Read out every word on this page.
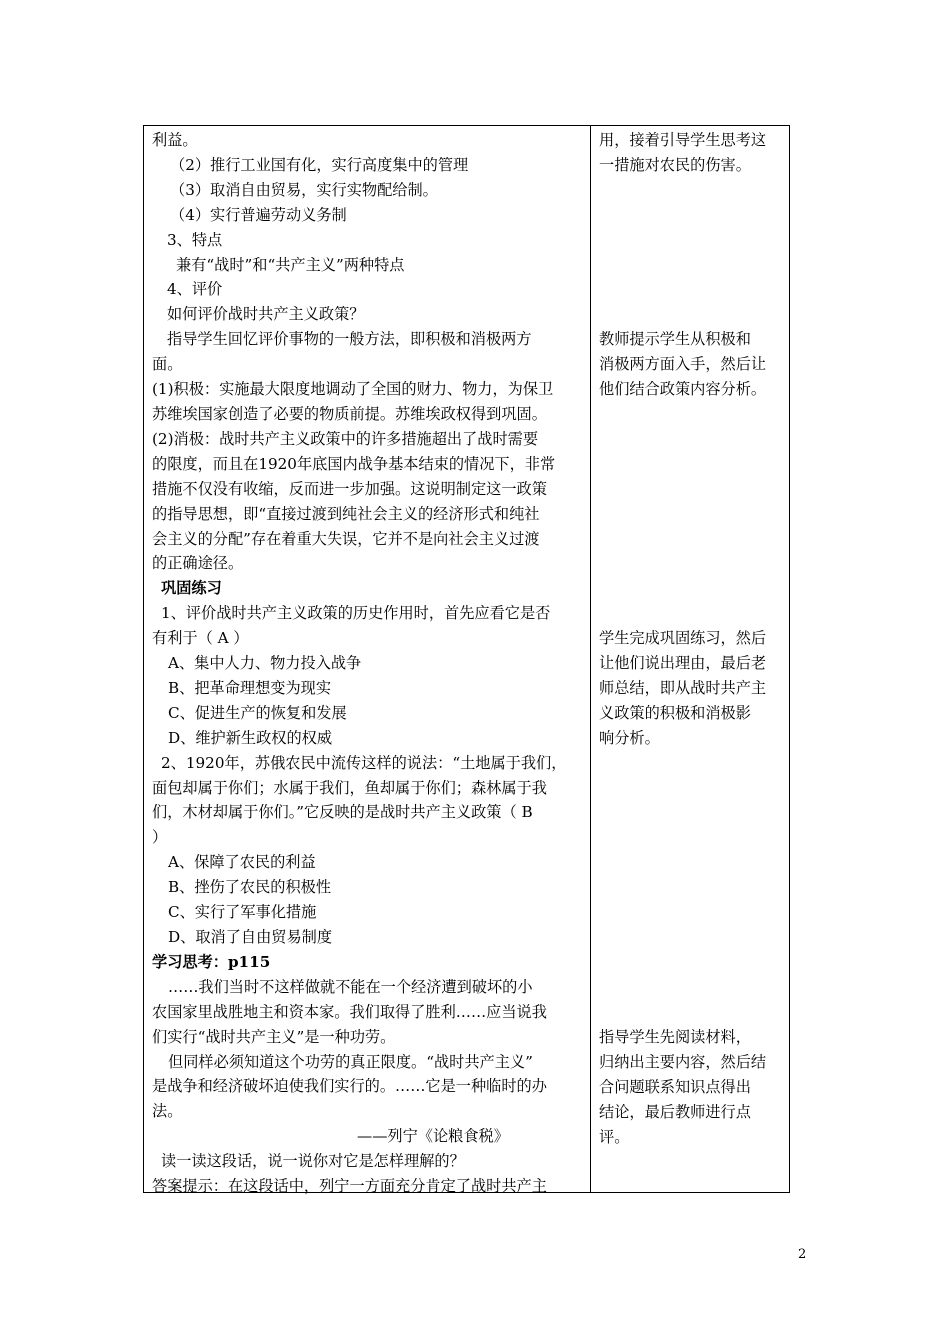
利益。
（2）推行工业国有化，实行高度集中的管理
（3）取消自由贸易，实行实物配给制。
（4）实行普遍劳动义务制
3、特点
兼有“战时”和“共产主义”两种特点
4、评价
如何评价战时共产主义政策？
指导学生回忆评价事物的一般方法，即积极和消极两方
面。
(1)积极：实施最大限度地调动了全国的财力、物力，为保卫
苏维埃国家创造了必要的物质前提。苏维埃政权得到巩固。
(2)消极：战时共产主义政策中的许多措施超出了战时需要
的限度，而且在1920年底国内战争基本结束的情况下，非常
措施不仅没有收缩，反而进一步加强。这说明制定这一政策
的指导思想，即“直接过渡到纯社会主义的经济形式和纯社
会主义的分配”存在着重大失误，它并不是向社会主义过渡
的正确途径。
巩固练习
1、评价战时共产主义政策的历史作用时，首先应看它是否
有利于（ A ）
A、集中人力、物力投入战争
B、把革命理想变为现实
C、促进生产的恢复和发展
D、维护新生政权的权威
2、1920年，苏俄农民中流传这样的说法：“土地属于我们，
面包却属于你们；水属于我们，鱼却属于你们；森林属于我
们，木材却属于你们。”它反映的是战时共产主义政策（ B
）
A、保障了农民的利益
B、挫伤了农民的积极性
C、实行了军事化措施
D、取消了自由贸易制度
学习思考：p115
……我们当时不这样做就不能在一个经济遭到破坏的小
农国家里战胜地主和资本家。我们取得了胜利……应当说我
们实行“战时共产主义”是一种功劳。
但同样必须知道这个功劳的真正限度。“战时共产主义”
是战争和经济破坏迫使我们实行的。……它是一种临时的办
法。
——列宁《论粮食税》
读一读这段话，说一说你对它是怎样理解的？
答案提示：在这段话中，列宁一方面充分肯定了战时共产主
用，接着引导学生思考这
一措施对农民的伤害。
教师提示学生从积极和
消极两方面入手，然后让
他们结合政策内容分析。
学生完成巩固练习，然后
让他们说出理由，最后老
师总结，即从战时共产主
义政策的积极和消极影
响分析。
指导学生先阅读材料，
归纳出主要内容，然后结
合问题联系知识点得出
结论，最后教师进行点
评。
2
